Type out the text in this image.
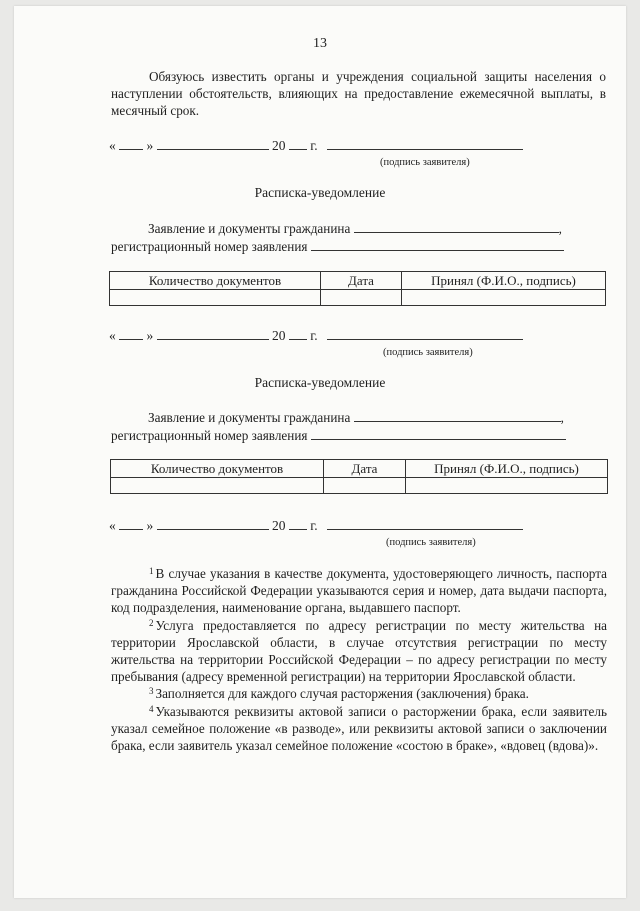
13
Обязуюсь известить органы и учреждения социальной защиты населения о наступлении обстоятельств, влияющих на предоставление ежемесячной выплаты, в месячный срок.
« »	20 г.
(подпись заявителя)
Расписка-уведомление
Заявление и документы гражданина	,
регистрационный номер заявления
Количество документов	Дата	Принял (Ф.И.О., подпись)

« »	20 г.
(подпись заявителя)
Расписка-уведомление
Заявление и документы гражданина	,
регистрационный номер заявления
Количество документов	Дата	Принял (Ф.И.О., подпись)

« »	20 г.
(подпись заявителя)

$^1$ В случае указания в качестве документа, удостоверяющего личность, паспорта гражданина Российской Федерации указываются серия и номер, дата выдачи паспорта, код подразделения, наименование органа, выдавшего паспорт.

$^2$ Услуга предоставляется по адресу регистрации по месту жительства на территории Ярославской области, в случае отсутствия регистрации по месту жительства на территории Российской Федерации – по адресу регистрации по месту пребывания (адресу временной регистрации) на территории Ярославской области.

$^3$ Заполняется для каждого случая расторжения (заключения) брака.

$^4$ Указываются реквизиты актовой записи о расторжении брака, если заявитель указал семейное положение «в разводе», или реквизиты актовой записи о заключении брака, если заявитель указал семейное положение «состою в браке», «вдовец (вдова)».
